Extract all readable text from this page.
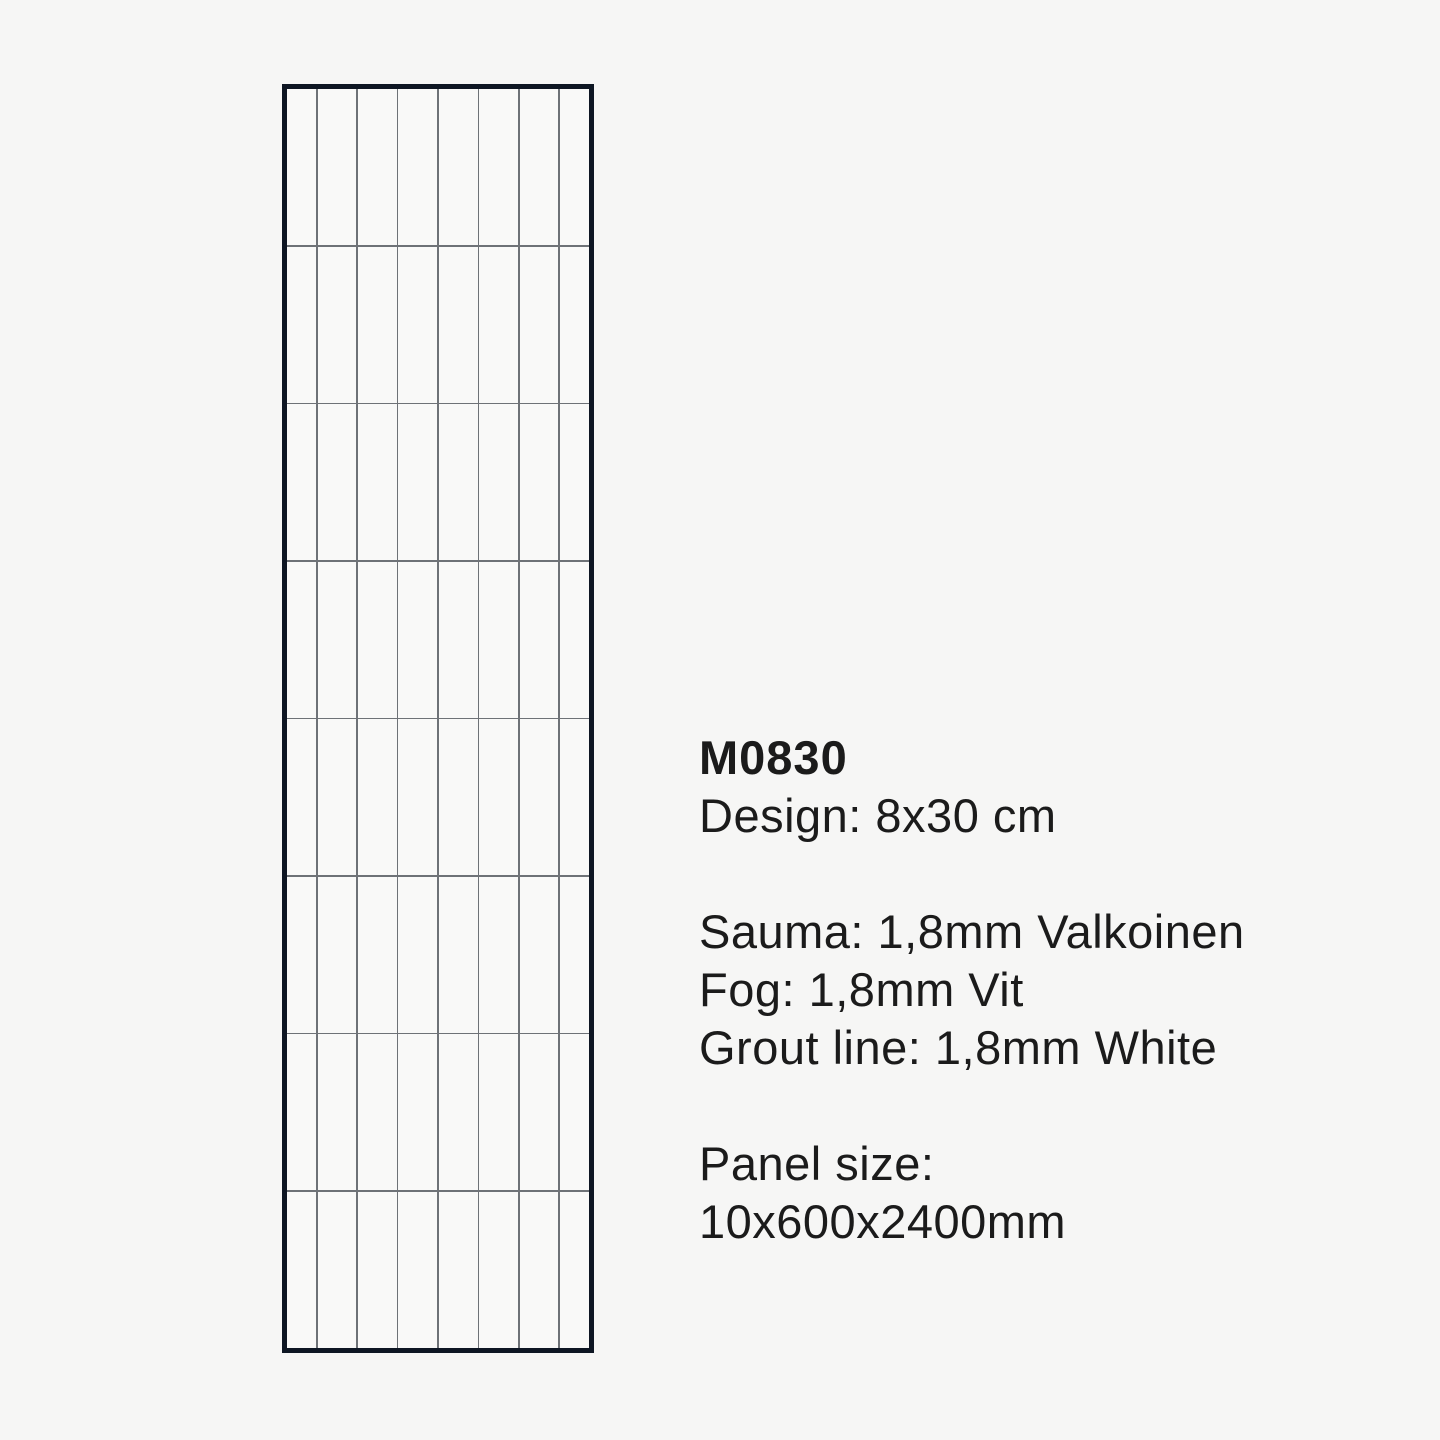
M0830
Design: 8x30 cm
Sauma: 1,8mm Valkoinen
Fog: 1,8mm Vit
Grout line: 1,8mm White
Panel size:
10x600x2400mm
